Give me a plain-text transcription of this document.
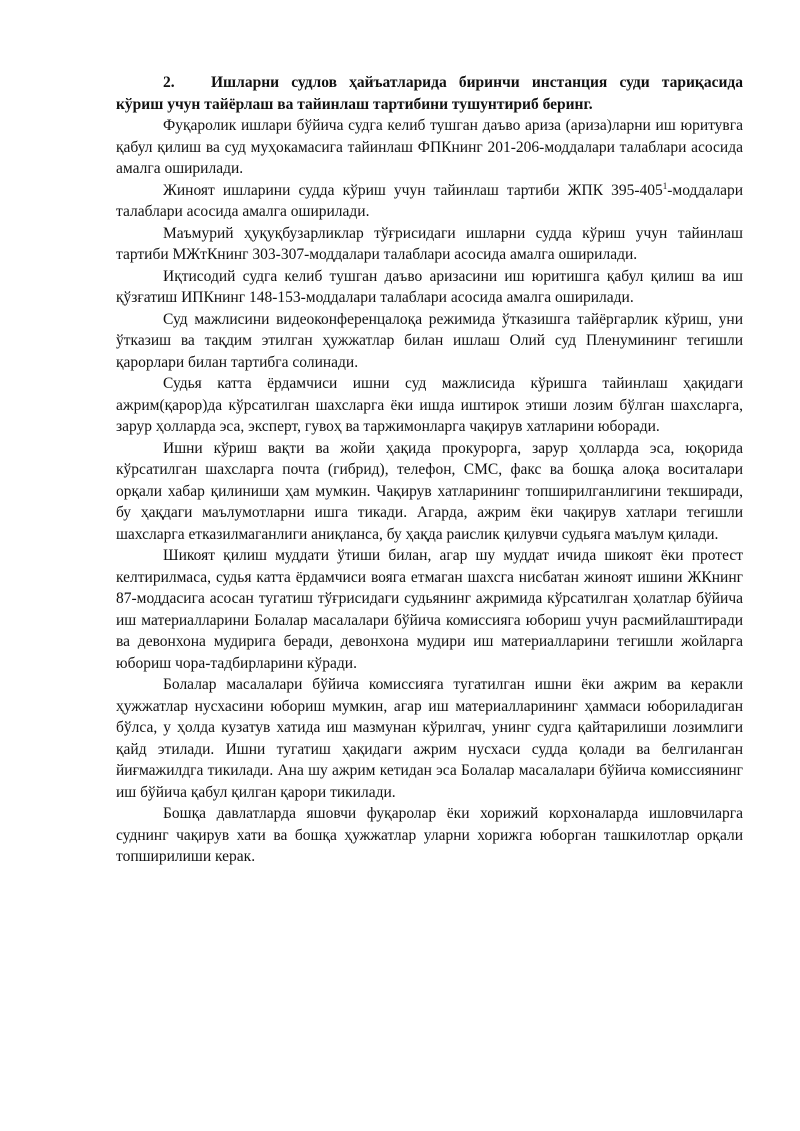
2. Ишларни судлов ҳайъатларида биринчи инстанция суди тариқасида кўриш учун тайёрлаш ва тайинлаш тартибини тушунтириб беринг.

Фуқаролик ишлари бўйича судга келиб тушган даъво ариза (ариза)ларни иш юритувга қабул қилиш ва суд муҳокамасига тайинлаш ФПКнинг 201-206-моддалари талаблари асосида амалга оширилади.

Жиноят ишларини судда кўриш учун тайинлаш тартиби ЖПК $395-405^1$-моддалари талаблари асосида амалга оширилади.

Маъмурий ҳуқуқбузарликлар тўғрисидаги ишларни судда кўриш учун тайинлаш тартиби МЖтКнинг 303-307-моддалари талаблари асосида амалга оширилади.

Иқтисодий судга келиб тушган даъво аризасини иш юритишга қабул қилиш ва иш қўзғатиш ИПКнинг 148-153-моддалари талаблари асосида амалга оширилади.

Суд мажлисини видеоконференцалоқа режимида ўтказишга тайёргарлик кўриш, уни ўтказиш ва тақдим этилган ҳужжатлар билан ишлаш Олий суд Пленумининг тегишли қарорлари билан тартибга солинади.

Судья катта ёрдамчиси ишни суд мажлисида кўришга тайинлаш ҳақидаги ажрим(қарор)да кўрсатилган шахсларга ёки ишда иштирок этиши лозим бўлган шахсларга, зарур ҳолларда эса, эксперт, гувоҳ ва таржимонларга чақирув хатларини юборади.

Ишни кўриш вақти ва жойи ҳақида прокурорга, зарур ҳолларда эса, юқорида кўрсатилган шахсларга почта (гибрид), телефон, СМС, факс ва бошқа алоқа воситалари орқали хабар қилиниши ҳам мумкин. Чақирув хатларининг топширилганлигини текширади, бу ҳақдаги маълумотларни ишга тикади. Агарда, ажрим ёки чақирув хатлари тегишли шахсларга етказилмаганлиги аниқланса, бу ҳақда раислик қилувчи судьяга маълум қилади.

Шикоят қилиш муддати ўтиши билан, агар шу муддат ичида шикоят ёки протест келтирилмаса, судья катта ёрдамчиси вояга етмаган шахсга нисбатан жиноят ишини ЖКнинг 87-моддасига асосан тугатиш тўғрисидаги судьянинг ажримида кўрсатилган ҳолатлар бўйича иш материалларини Болалар масалалари бўйича комиссияга юбориш учун расмийлаштиради ва девонхона мудирига беради, девонхона мудири иш материалларини тегишли жойларга юбориш чора-тадбирларини кўради.

Болалар масалалари бўйича комиссияга тугатилган ишни ёки ажрим ва керакли ҳужжатлар нусхасини юбориш мумкин, агар иш материалларининг ҳаммаси юбориладиган бўлса, у ҳолда кузатув хатида иш мазмунан кўрилгач, унинг судга қайтарилиши лозимлиги қайд этилади. Ишни тугатиш ҳақидаги ажрим нусхаси судда қолади ва белгиланган йиғмажилдга тикилади. Ана шу ажрим кетидан эса Болалар масалалари бўйича комиссиянинг иш бўйича қабул қилган қарори тикилади.

Бошқа давлатларда яшовчи фуқаролар ёки хорижий корхоналарда ишловчиларга суднинг чақирув хати ва бошқа ҳужжатлар уларни хорижга юборган ташкилотлар орқали топширилиши керак.
